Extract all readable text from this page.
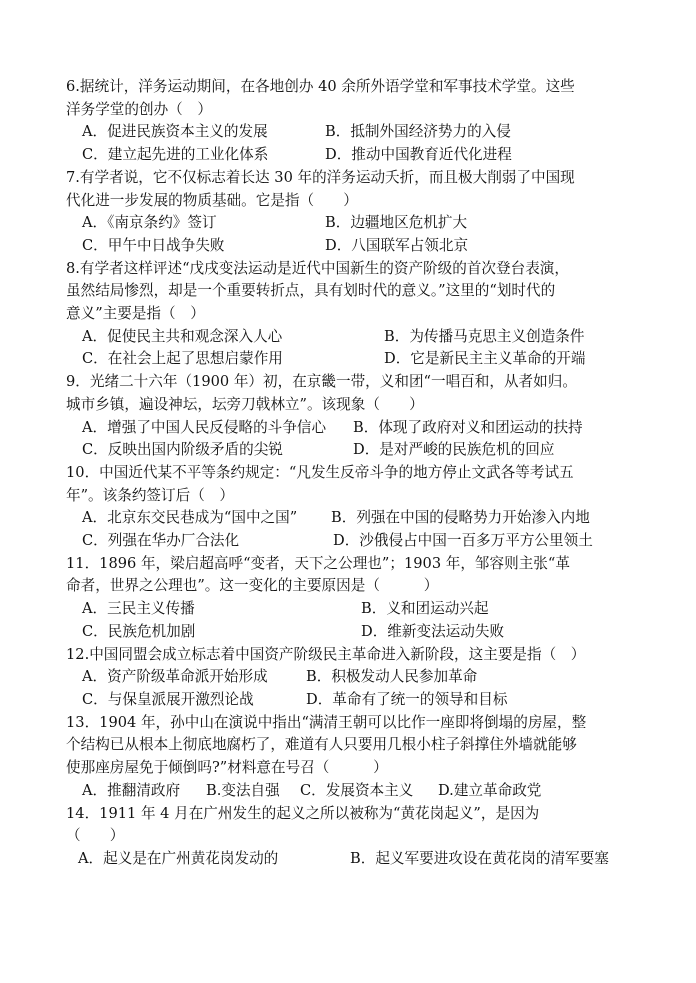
6.据统计，洋务运动期间，在各地创办 40 余所外语学堂和军事技术学堂。这些
洋务学堂的创办（　）
A．促进民族资本主义的发展	B．抵制外国经济势力的入侵
C．建立起先进的工业化体系	D．推动中国教育近代化进程
7.有学者说，它不仅标志着长达 30 年的洋务运动夭折，而且极大削弱了中国现
代化进一步发展的物质基础。它是指（　　）
A．《南京条约》签订	B．边疆地区危机扩大
C．甲午中日战争失败	D．八国联军占领北京
8.有学者这样评述“戊戌变法运动是近代中国新生的资产阶级的首次登台表演，
虽然结局惨烈，却是一个重要转折点，具有划时代的意义。”这里的“划时代的
意义”主要是指（　）
A．促使民主共和观念深入人心	B．为传播马克思主义创造条件
C．在社会上起了思想启蒙作用	D．它是新民主主义革命的开端
9．光绪二十六年（1900 年）初，在京畿一带，义和团“一唱百和，从者如归。
城市乡镇，遍设神坛，坛旁刀戟林立”。该现象（　　）
A．增强了中国人民反侵略的斗争信心	B．体现了政府对义和团运动的扶持
C．反映出国内阶级矛盾的尖锐	D．是对严峻的民族危机的回应
10．中国近代某不平等条约规定：“凡发生反帝斗争的地方停止文武各等考试五
年”。该条约签订后（　）
A．北京东交民巷成为“国中之国”	B．列强在中国的侵略势力开始渗入内地
C．列强在华办厂合法化	D．沙俄侵占中国一百多万平方公里领土
11．1896 年，梁启超高呼“变者，天下之公理也”；1903 年，邹容则主张“革
命者，世界之公理也”。这一变化的主要原因是（　　　）
A．三民主义传播	B．义和团运动兴起
C．民族危机加剧	D．维新变法运动失败
12.中国同盟会成立标志着中国资产阶级民主革命进入新阶段，这主要是指（　）
A．资产阶级革命派开始形成	B．积极发动人民参加革命
C．与保皇派展开激烈论战	D．革命有了统一的领导和目标
13．1904 年，孙中山在演说中指出“满清王朝可以比作一座即将倒塌的房屋，整
个结构已从根本上彻底地腐朽了，难道有人只要用几根小柱子斜撑住外墙就能够
使那座房屋免于倾倒吗?”材料意在号召（　　　）
A．推翻清政府	B.变法自强	C．发展资本主义	D.建立革命政党
14．1911 年 4 月在广州发生的起义之所以被称为“黄花岗起义”，是因为
（　　）
A．起义是在广州黄花岗发动的	B．起义军要进攻设在黄花岗的清军要塞
